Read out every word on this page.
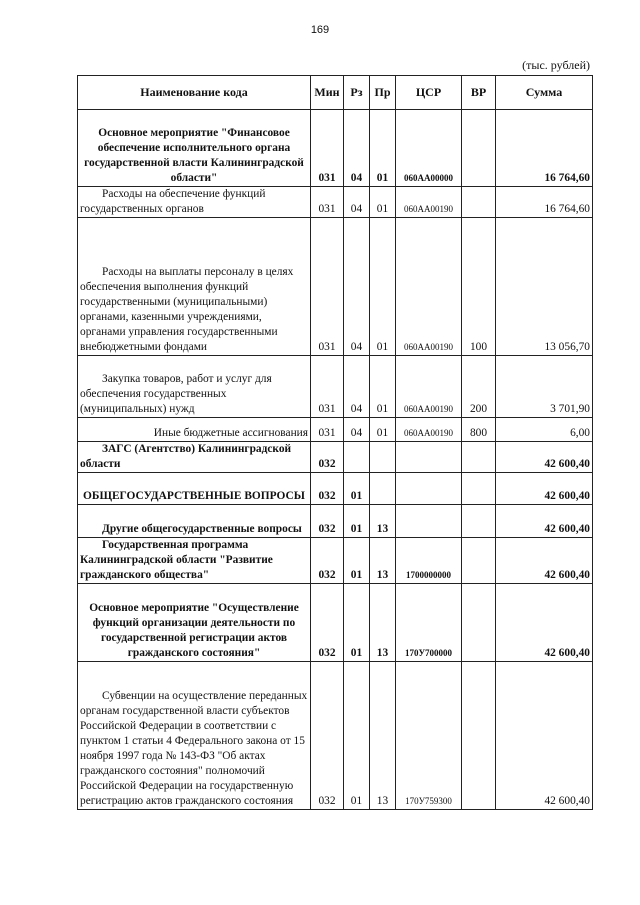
169
(тыс. рублей)
Наименование кода	Мин	Рз	Пр	ЦСР	ВР	Сумма
Основное мероприятие "Финансовое обеспечение исполнительного органа государственной власти Калининградской области"	031	04	01	060АА00000		16 764,60
Расходы на обеспечение функций государственных органов	031	04	01	060АА00190		16 764,60
Расходы на выплаты персоналу в целях обеспечения выполнения функций государственными (муниципальными) органами, казенными учреждениями, органами управления государственными внебюджетными фондами	031	04	01	060АА00190	100	13 056,70
Закупка товаров, работ и услуг для обеспечения государственных (муниципальных) нужд	031	04	01	060АА00190	200	3 701,90
Иные бюджетные ассигнования	031	04	01	060АА00190	800	6,00
ЗАГС (Агентство) Калининградской области	032					42 600,40
ОБЩЕГОСУДАРСТВЕННЫЕ ВОПРОСЫ	032	01				42 600,40
Другие общегосударственные вопросы	032	01	13			42 600,40
Государственная программа Калининградской области "Развитие гражданского общества"	032	01	13	1700000000		42 600,40
Основное мероприятие "Осуществление функций организации деятельности по государственной регистрации актов гражданского состояния"	032	01	13	170У700000		42 600,40
Субвенции на осуществление переданных органам государственной власти субъектов Российской Федерации в соответствии с пунктом 1 статьи 4 Федерального закона от 15 ноября 1997 года № 143-ФЗ "Об актах гражданского состояния" полномочий Российской Федерации на государственную регистрацию актов гражданского состояния	032	01	13	170У759300		42 600,40
